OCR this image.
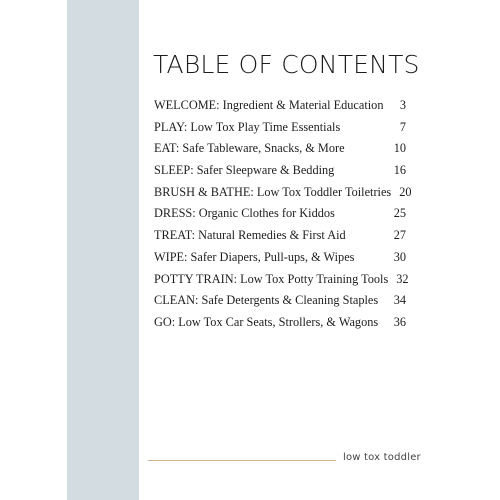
TABLE OF CONTENTS
WELCOME: Ingredient & Material Education 3
PLAY: Low Tox Play Time Essentials	7
EAT: Safe Tableware, Snacks, & More	10
SLEEP: Safer Sleepware & Bedding	16
BRUSH & BATHE: Low Tox Toddler Toiletries 20
DRESS: Organic Clothes for Kiddos	25
TREAT: Natural Remedies & First Aid	27
WIPE: Safer Diapers, Pull-ups, & Wipes	30
POTTY TRAIN: Low Tox Potty Training Tools 32
CLEAN: Safe Detergents & Cleaning Staples 34
GO: Low Tox Car Seats, Strollers, & Wagons 36
low tox toddler
